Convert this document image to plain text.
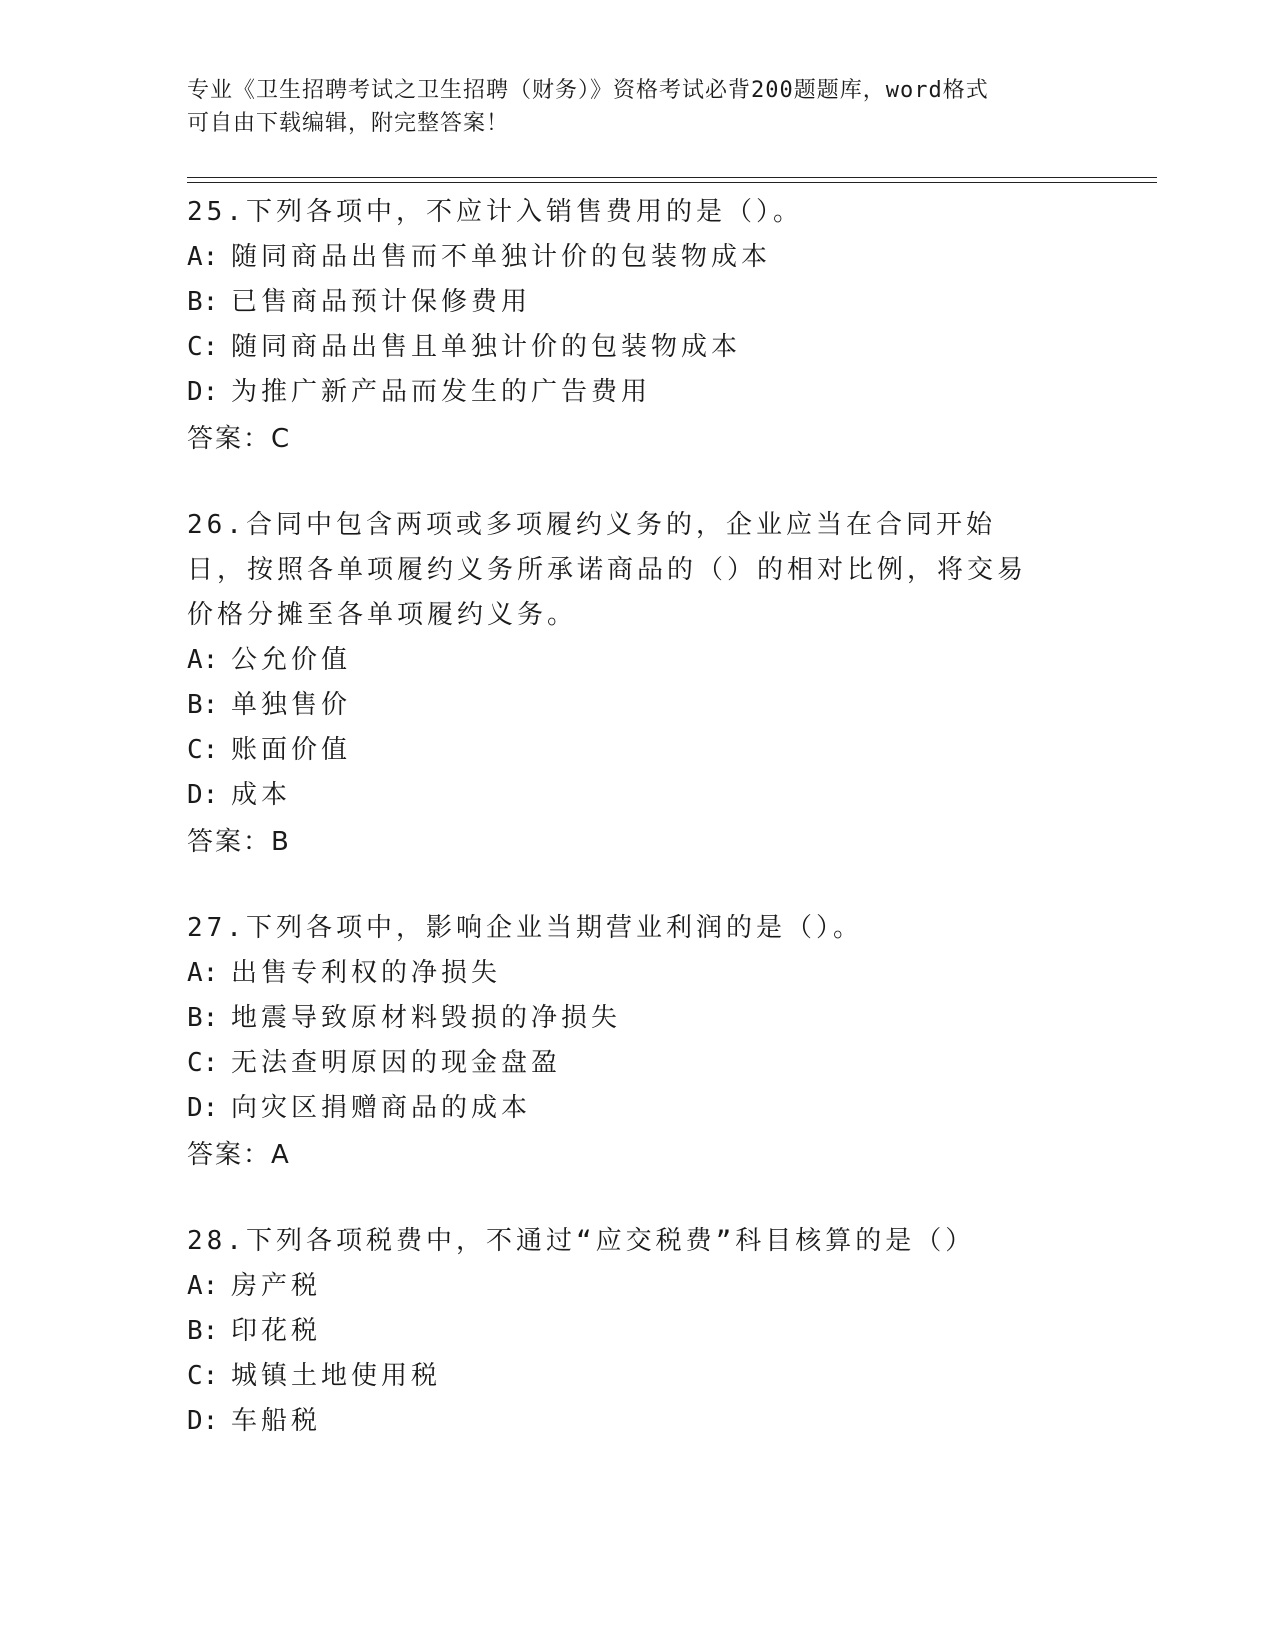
专业《卫生招聘考试之卫生招聘（财务）》资格考试必背200题题库，word格式
可自由下载编辑，附完整答案！

25.下列各项中，不应计入销售费用的是（）。

A: 随同商品出售而不单独计价的包装物成本

B: 已售商品预计保修费用

C: 随同商品出售且单独计价的包装物成本

D: 为推广新产品而发生的广告费用

答案：C

26.合同中包含两项或多项履约义务的，企业应当在合同开始日，按照各单项履约义务所承诺商品的（）的相对比例，将交易价格分摊至各单项履约义务。

A: 公允价值

B: 单独售价

C: 账面价值

D: 成本

答案：B

27.下列各项中，影响企业当期营业利润的是（）。

A: 出售专利权的净损失

B: 地震导致原材料毁损的净损失

C: 无法查明原因的现金盘盈

D: 向灾区捐赠商品的成本

答案：A

28.下列各项税费中，不通过“应交税费”科目核算的是（）

A: 房产税

B: 印花税

C: 城镇土地使用税

D: 车船税
